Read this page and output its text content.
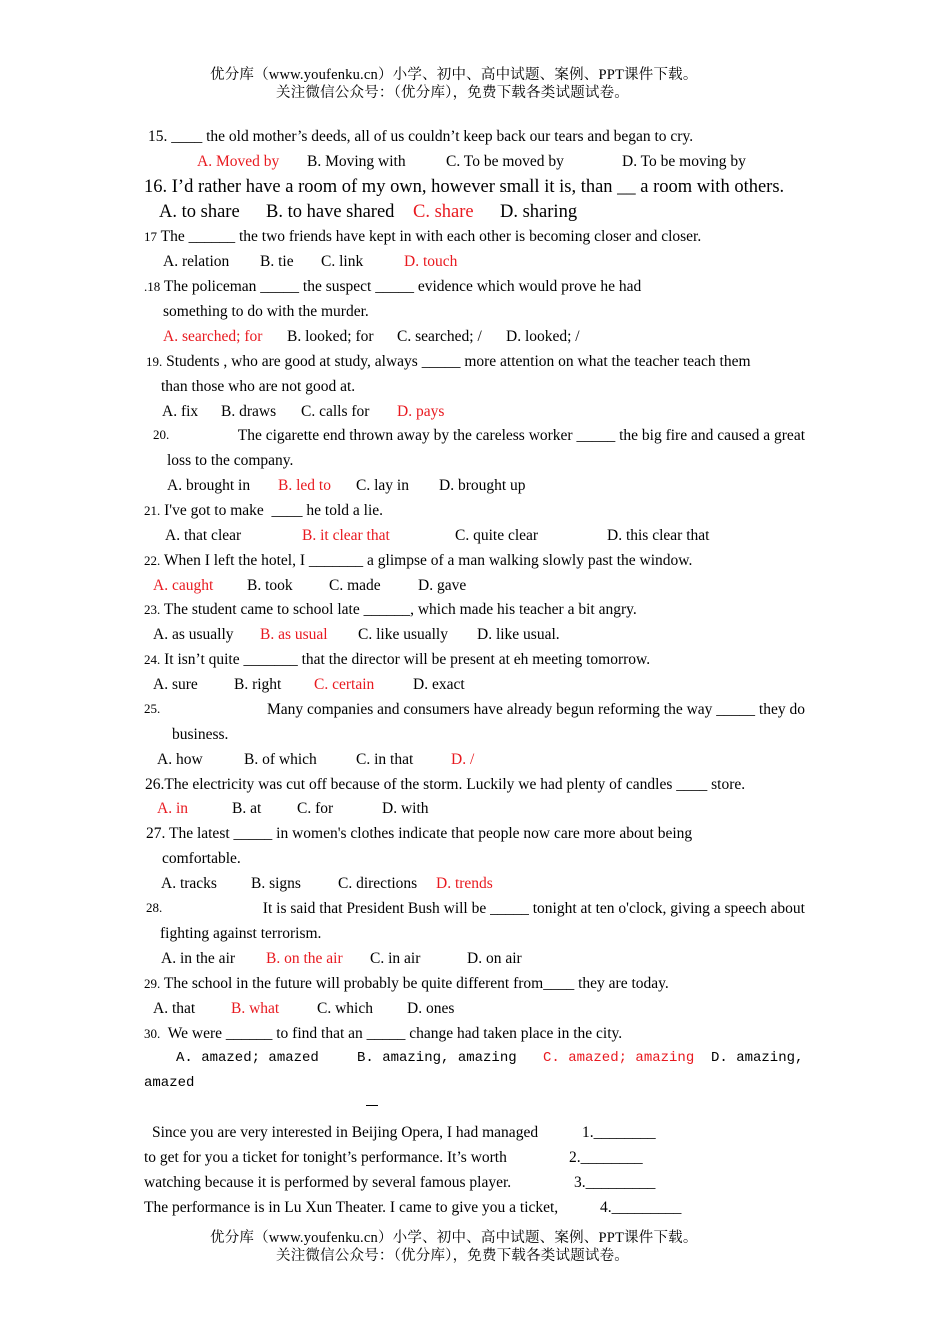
优分库（www.youfenku.cn）小学、初中、高中试题、案例、PPT课件下载。
关注微信公众号：（优分库），免费下载各类试题试卷。
15. ____ the old mother’s deeds, all of us couldn’t keep back our tears and began to cry.
A. Moved by B. Moving with	C. To be moved by	D. To be moving by
16. I’d rather have a room of my own, however small it is, than __ a room with others.
A. to share B. to have shared C. share D. sharing
17 The ______ the two friends have kept in with each other is becoming closer and closer.
A. relation B. tie C. link	D. touch
.18 The policeman _____ the suspect _____ evidence which would prove he had
something to do with the murder.
A. searched; for B. looked; for C. searched; / D. looked; /
19. Students , who are good at study, always _____ more attention on what the teacher teach them
than those who are not good at.
A. fix B. draws C. calls for D. pays
20.	The cigarette end thrown away by the careless worker _____ the big fire and caused a great
loss to the company.
A. brought in B. led to C. lay in D. brought up
21. I've got to make  ____ he told a lie.
A. that clear	B. it clear that	C. quite clear	D. this clear that
22. When I left the hotel, I _______ a glimpse of a man walking slowly past the window.
A. caught B. took C. made D. gave
23. The student came to school late ______, which made his teacher a bit angry.
A. as usually B. as usual C. like usually D. like usual.
24. It isn’t quite _______ that the director will be present at eh meeting tomorrow.
A. sure B. right C. certain D. exact
25.	Many companies and consumers have already begun reforming the way _____ they do
business.
A. how	B. of which	C. in that D. /
26.The electricity was cut off because of the storm. Luckily we had plenty of candles ____ store.
A. in	B. at C. for	D. with
27. The latest _____ in women's clothes indicate that people now care more about being
comfortable.
A. tracks B. signs C. directions D. trends
28.	It is said that President Bush will be _____ tonight at ten o'clock, giving a speech about
fighting against terrorism.
A. in the air B. on the air C. in air	D. on air
29. The school in the future will probably be quite different from____ they are today.
A. that B. what C. which D. ones
30. We were ______ to find that an _____ change had taken place in the city.
A. amazed; amazed	B. amazing, amazing C. amazed; amazing D. amazing,
amazed
Since you are very interested in Beijing Opera, I had managed	1.________
to get for you a ticket for tonight’s performance. It’s worth	2.________
watching because it is performed by several famous player.	3._________
The performance is in Lu Xun Theater. I came to give you a ticket,	4._________
优分库（www.youfenku.cn）小学、初中、高中试题、案例、PPT课件下载。
关注微信公众号：（优分库），免费下载各类试题试卷。
